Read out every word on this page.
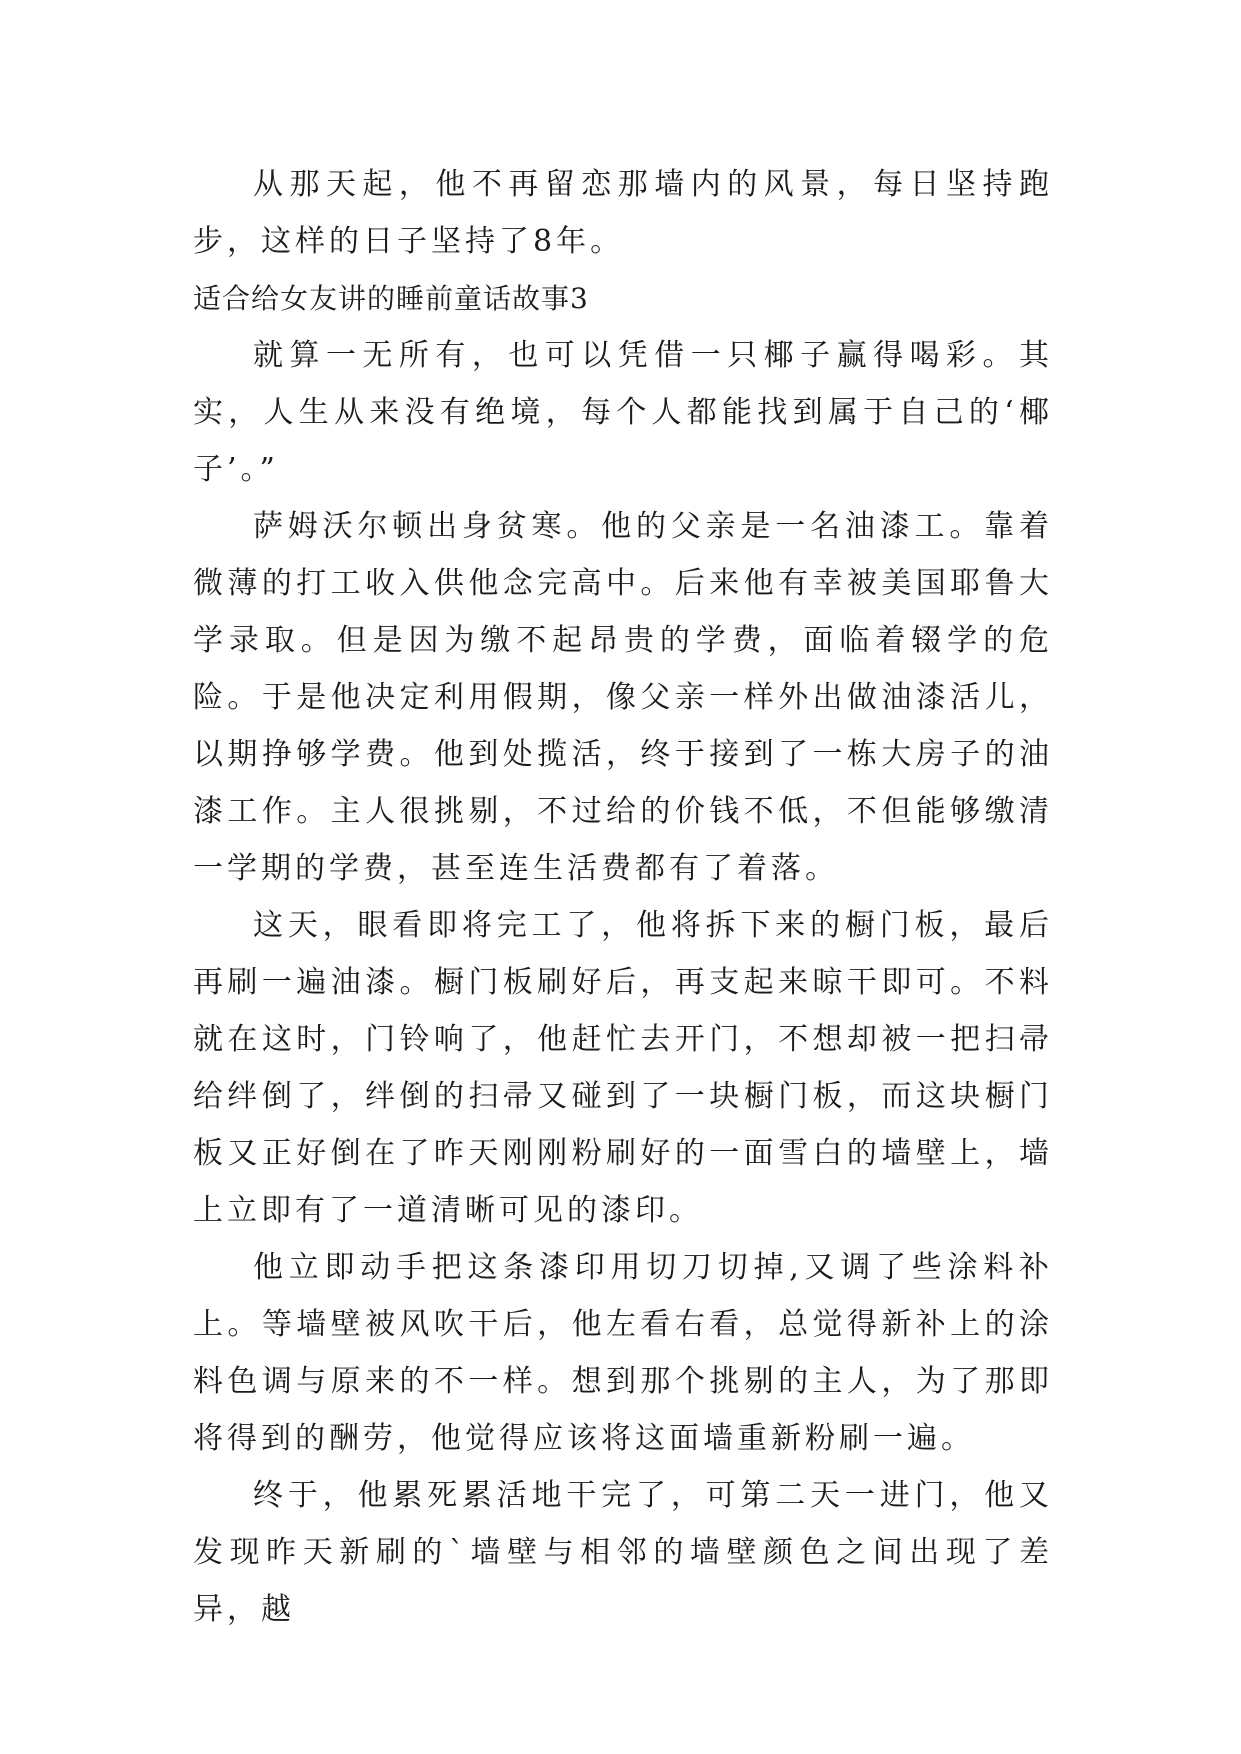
从那天起，他不再留恋那墙内的风景，每日坚持跑步，这样的日子坚持了8年。

适合给女友讲的睡前童话故事3

就算一无所有，也可以凭借一只椰子赢得喝彩。其实，人生从来没有绝境，每个人都能找到属于自己的‘椰子’。”

萨姆沃尔顿出身贫寒。他的父亲是一名油漆工。靠着微薄的打工收入供他念完高中。后来他有幸被美国耶鲁大学录取。但是因为缴不起昂贵的学费，面临着辍学的危险。于是他决定利用假期，像父亲一样外出做油漆活儿，以期挣够学费。他到处揽活，终于接到了一栋大房子的油漆工作。主人很挑剔，不过给的价钱不低，不但能够缴清一学期的学费，甚至连生活费都有了着落。

这天，眼看即将完工了，他将拆下来的橱门板，最后再刷一遍油漆。橱门板刷好后，再支起来晾干即可。不料就在这时，门铃响了，他赶忙去开门，不想却被一把扫帚给绊倒了，绊倒的扫帚又碰到了一块橱门板，而这块橱门板又正好倒在了昨天刚刚粉刷好的一面雪白的墙壁上，墙上立即有了一道清晰可见的漆印。

他立即动手把这条漆印用切刀切掉,又调了些涂料补上。等墙壁被风吹干后，他左看右看，总觉得新补上的涂料色调与原来的不一样。想到那个挑剔的主人，为了那即将得到的酬劳，他觉得应该将这面墙重新粉刷一遍。

终于，他累死累活地干完了，可第二天一进门，他又发现昨天新刷的`墙壁与相邻的墙壁颜色之间出现了差异，越
